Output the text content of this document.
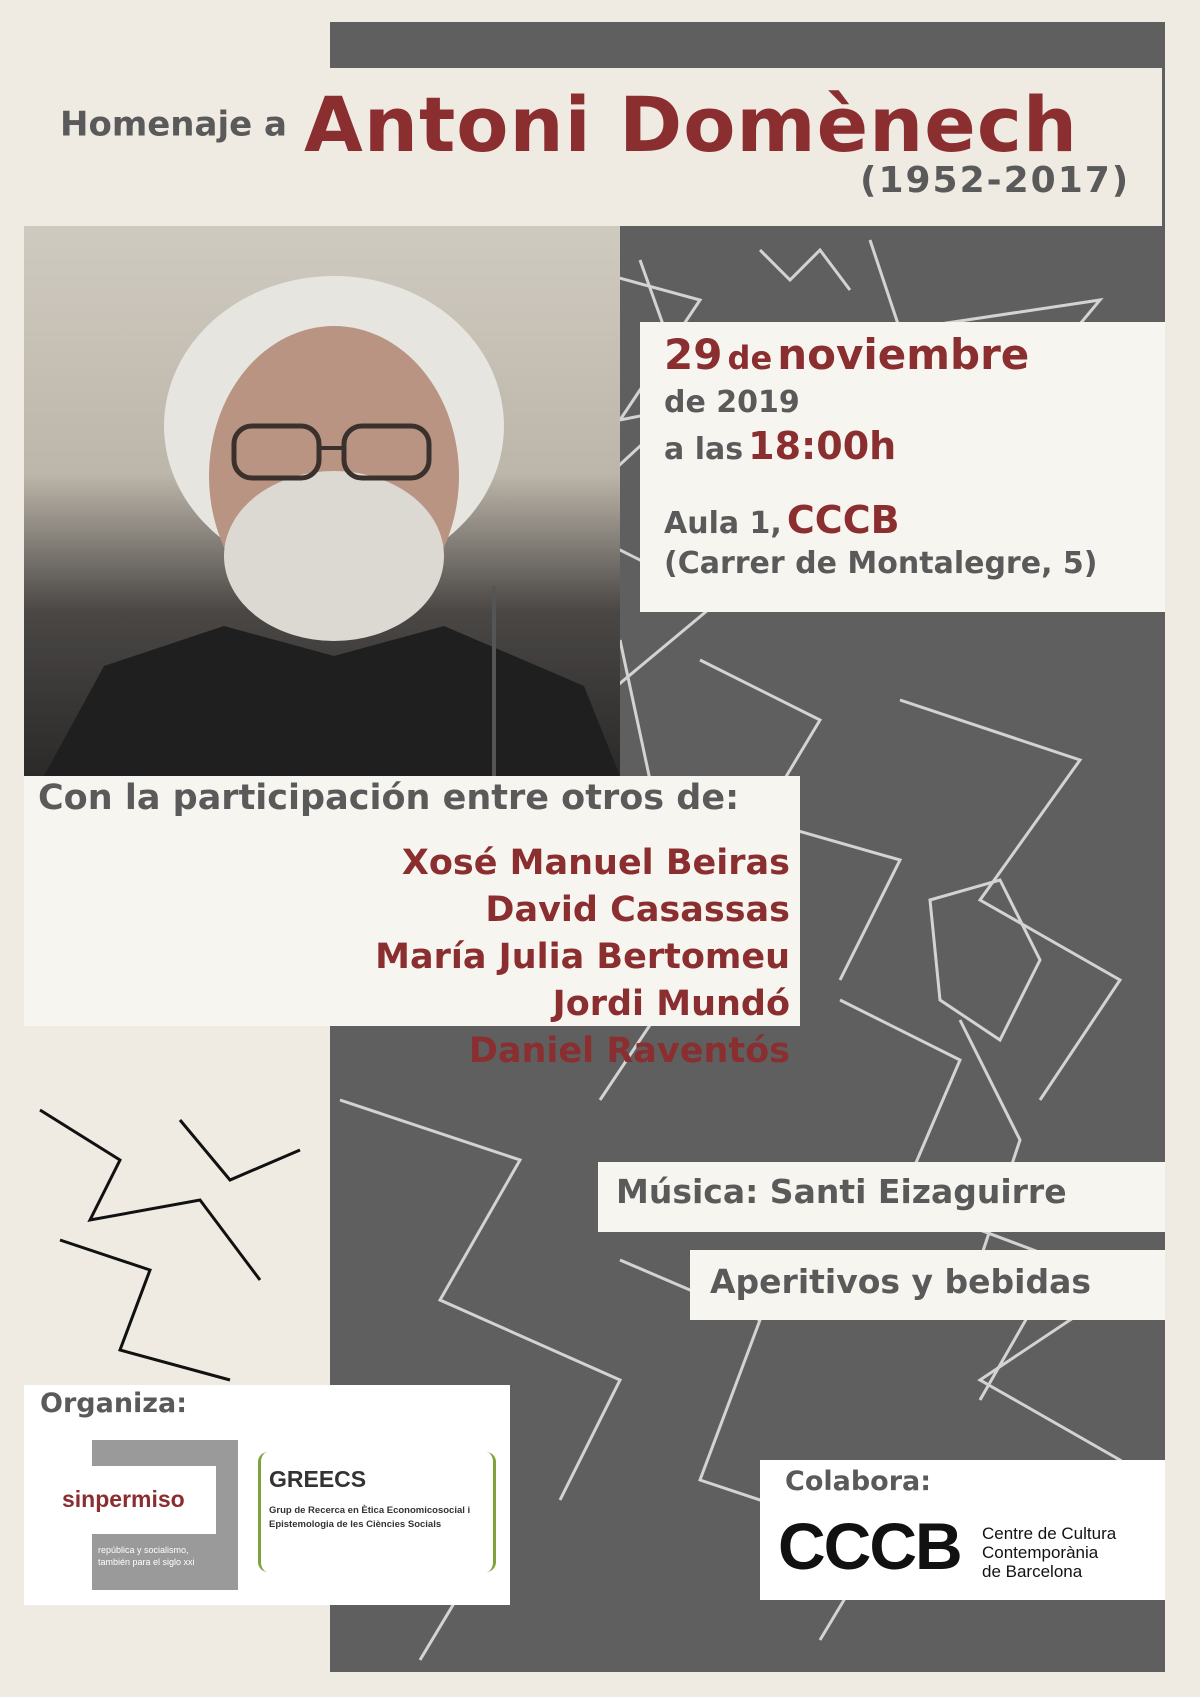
Homenaje a Antoni Domènech
(1952-2017)
29 de noviembre
de 2019
a las 18:00h
Aula 1, CCCB
(Carrer de Montalegre, 5)
Con la participación entre otros de:
Xosé Manuel Beiras
David Casassas
María Julia Bertomeu
Jordi Mundó
Daniel Raventós
Música: Santi Eizaguirre
Aperitivos y bebidas
Organiza:
sinpermiso
república y socialismo,
también para el siglo xxi
GREECS
Grup de Recerca en Ètica Economicosocial i
Epistemologia de les Ciències Socials
Colabora:
CCCB Centre de Cultura
Contemporània
de Barcelona
